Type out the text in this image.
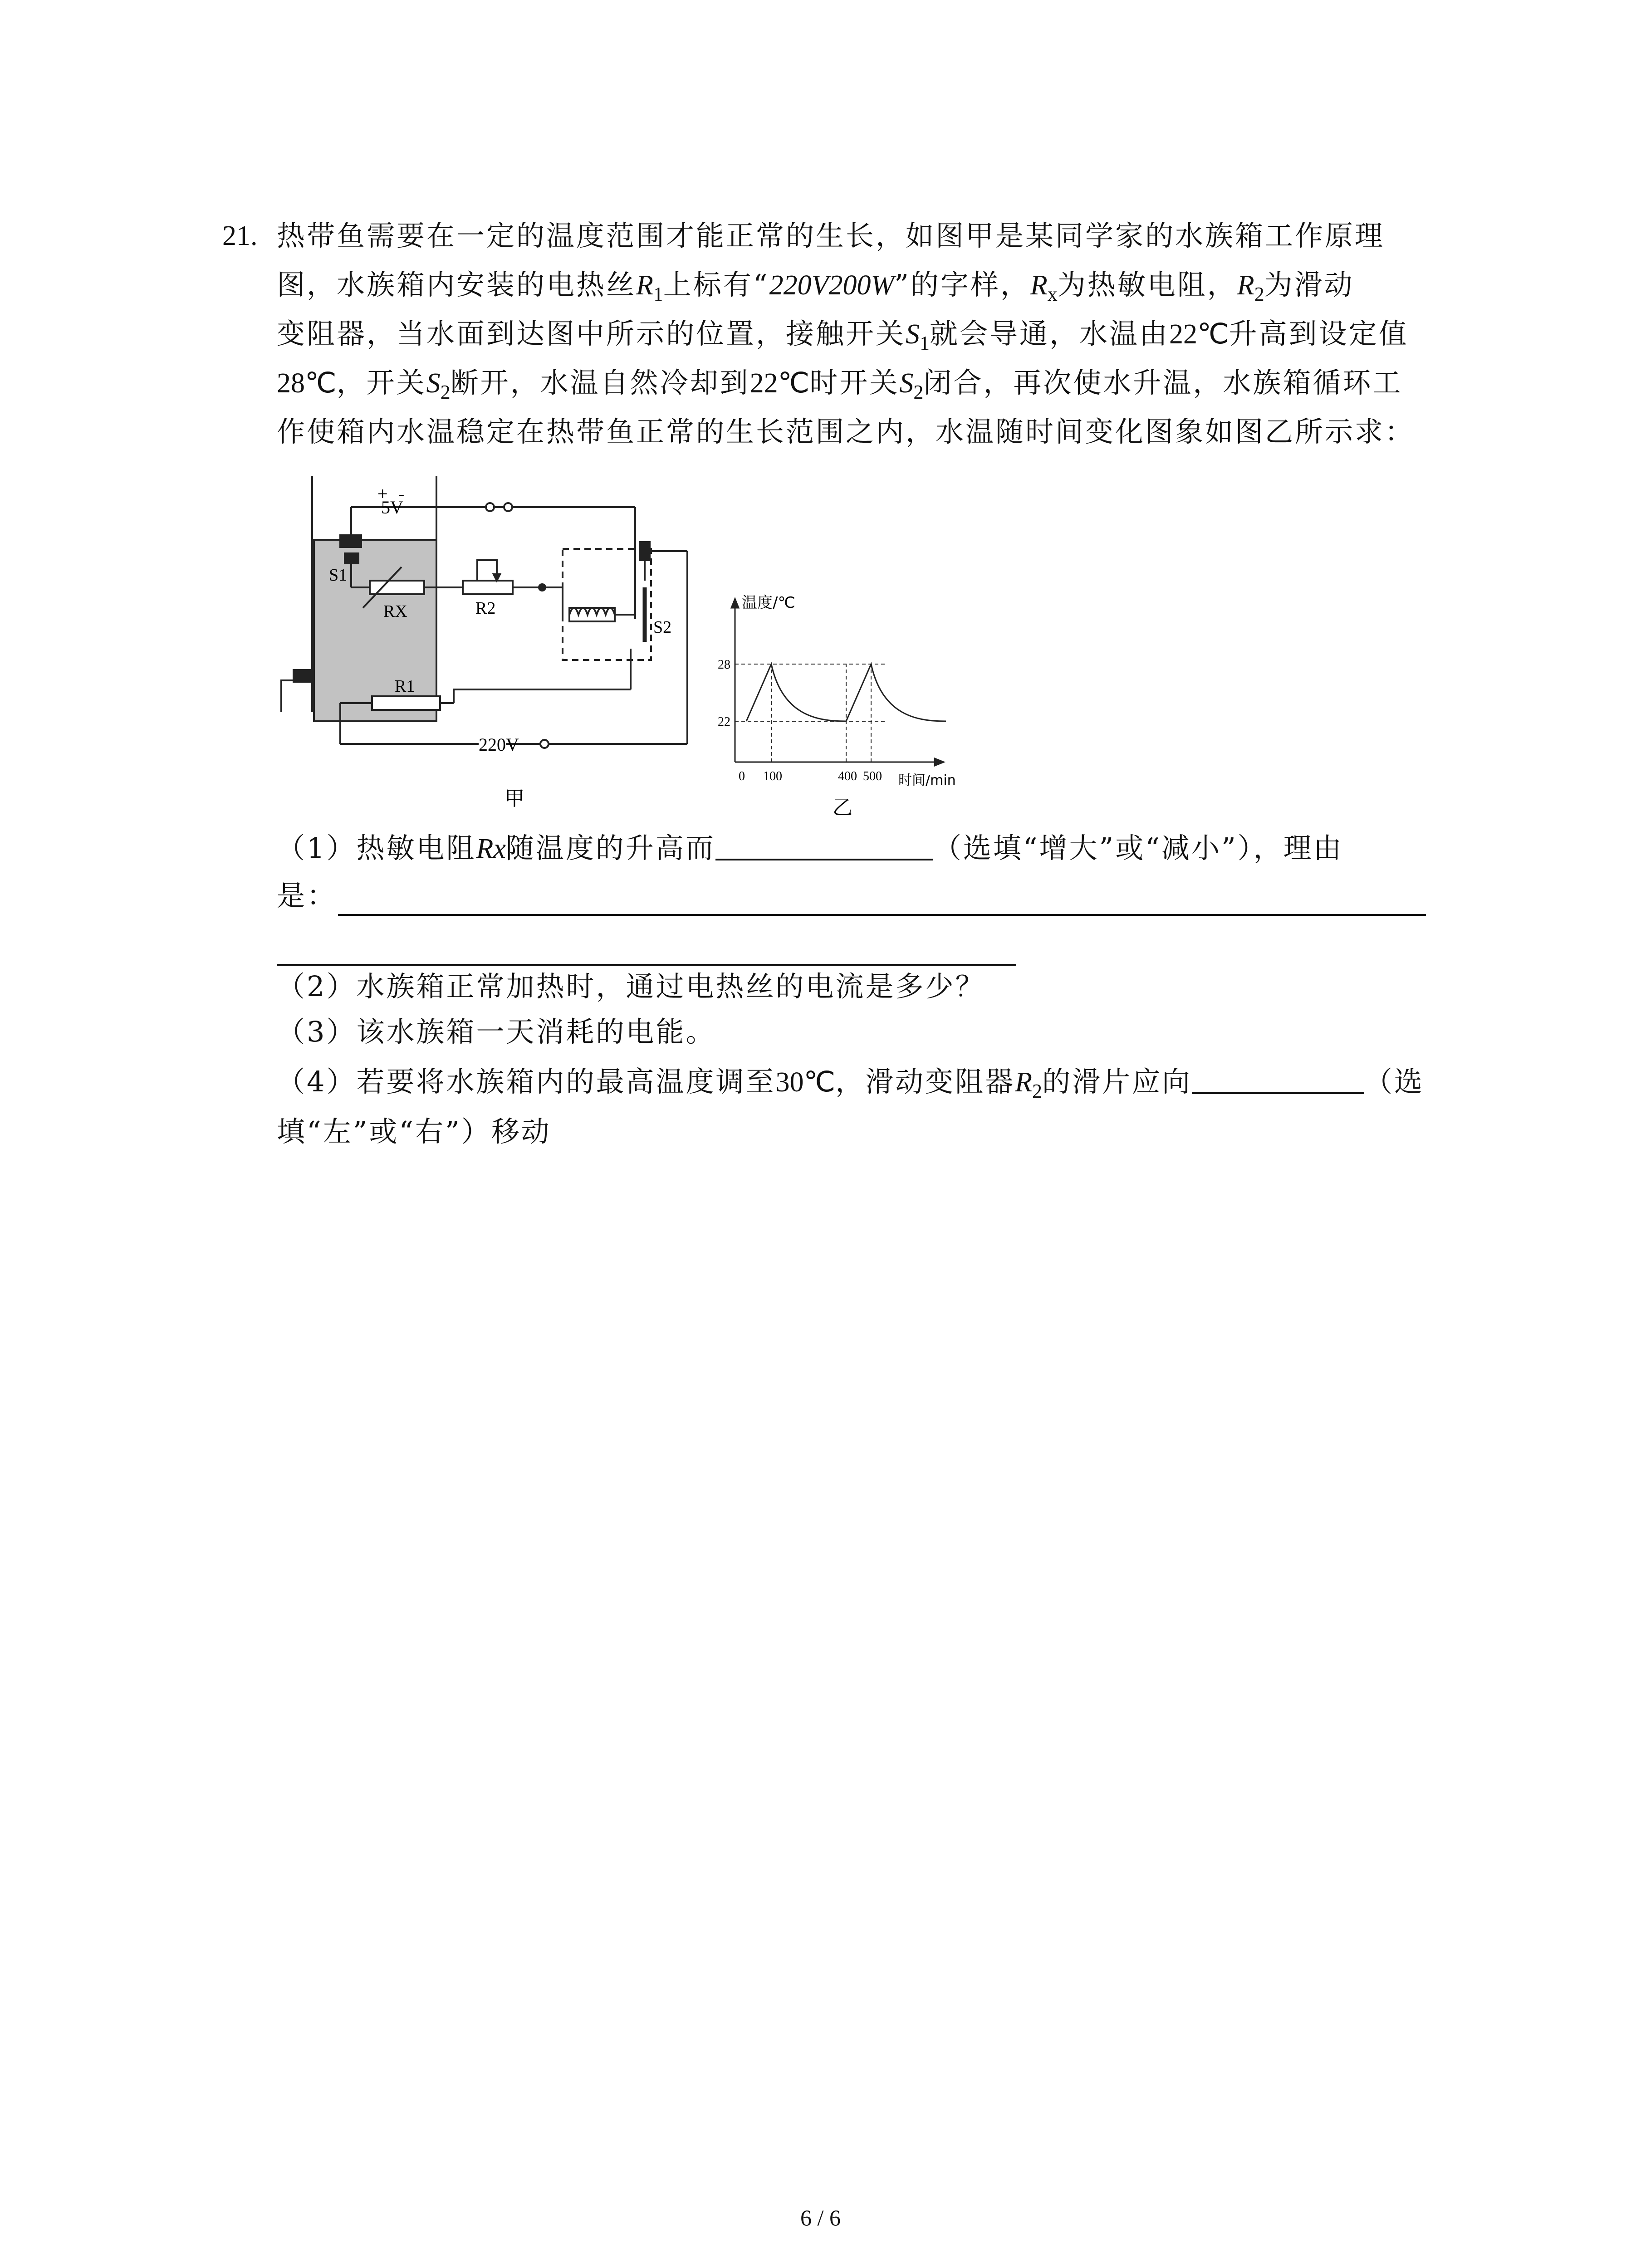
21. 热带鱼需要在一定的温度范围才能正常的生长，如图甲是某同学家的水族箱工作原理
图，水族箱内安装的电热丝$R_1$上标有“220V200W”的字样，$R_x$为热敏电阻，$R_2$为滑动
变阻器，当水面到达图中所示的位置，接触开关$S_1$就会导通，水温由22℃升高到设定值
28℃，开关$S_2$断开，水温自然冷却到22℃时开关$S_2$闭合，再次使水升温，水族箱循环工
作使箱内水温稳定在热带鱼正常的生长范围之内，水温随时间变化图象如图乙所示求：
+ -
5V
S1
RX	R2
R1
S2
220V
甲
22
28
0 100	400 500
温度/℃
时间/min
乙
（1）热敏电阻Rx随温度的升高而	（选填“增大”或“减小”），理由
是：
（2）水族箱正常加热时，通过电热丝的电流是多少？
（3）该水族箱一天消耗的电能。
（4）若要将水族箱内的最高温度调至30℃，滑动变阻器$R_2$的滑片应向	（选
填“左”或“右”）移动
6 / 6
